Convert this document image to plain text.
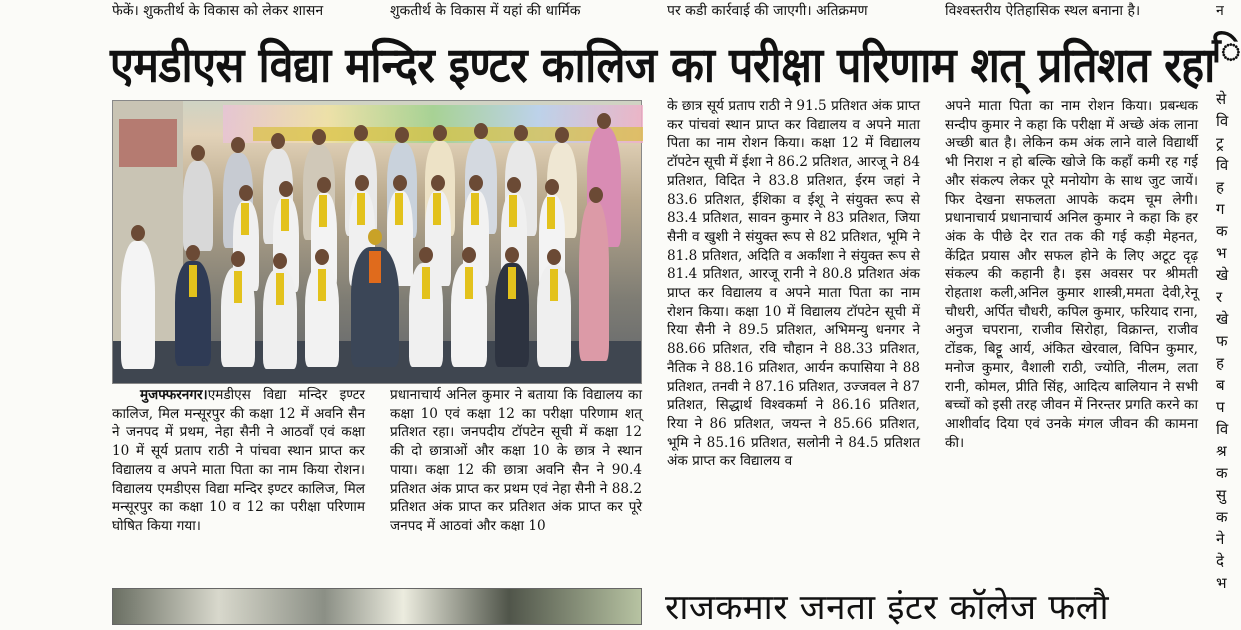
फेकें। शुकतीर्थ के विकास को लेकर शासन	शुकतीर्थ के विकास में यहां की धार्मिक	पर कडी कार्रवाई की जाएगी। अतिक्रमण	विश्वस्तरीय ऐतिहासिक स्थल बनाना है।	न
एमडीएस विद्या मन्दिर इण्टर कालिज का परीक्षा परिणाम शत् प्रतिशत रहा
मुजफ्फरनगर।एमडीएस विद्या मन्दिर इण्टर कालिज, मिल मन्सूरपुर की कक्षा 12 में अवनि सैन ने जनपद में प्रथम, नेहा सैनी ने आठवाँ एवं कक्षा 10 में सूर्य प्रताप राठी ने पांचवा स्थान प्राप्त कर विद्यालय व अपने माता पिता का नाम किया रोशन। विद्यालय एमडीएस विद्या मन्दिर इण्टर कालिज, मिल मन्सूरपुर का कक्षा 10 व 12 का परीक्षा परिणाम घोषित किया गया।
प्रधानाचार्य अनिल कुमार ने बताया कि विद्यालय का कक्षा 10 एवं कक्षा 12 का परीक्षा परिणाम शत् प्रतिशत रहा। जनपदीय टॉपटेन सूची में कक्षा 12 की दो छात्राओं और कक्षा 10 के छात्र ने स्थान पाया। कक्षा 12 की छात्रा अवनि सैन ने 90.4 प्रतिशत अंक प्राप्त कर प्रथम एवं नेहा सैनी ने 88.2 प्रतिशत अंक प्राप्त कर प्रतिशत अंक प्राप्त कर पूरे जनपद में आठवां और कक्षा 10
के छात्र सूर्य प्रताप राठी ने 91.5 प्रतिशत अंक प्राप्त कर पांचवां स्थान प्राप्त कर विद्यालय व अपने माता पिता का नाम रोशन किया। कक्षा 12 में विद्यालय टॉपटेन सूची में ईशा ने 86.2 प्रतिशत, आरजू ने 84 प्रतिशत, विदित ने 83.8 प्रतिशत, ईरम जहां ने 83.6 प्रतिशत, ईशिका व ईशू ने संयुक्त रूप से 83.4 प्रतिशत, सावन कुमार ने 83 प्रतिशत, जिया सैनी व खुशी ने संयुक्त रूप से 82 प्रतिशत, भूमि ने 81.8 प्रतिशत, अदिति व अर्कांशा ने संयुक्त रूप से 81.4 प्रतिशत, आरजू रानी ने 80.8 प्रतिशत अंक प्राप्त कर विद्यालय व अपने माता पिता का नाम रोशन किया। कक्षा 10 में विद्यालय टॉपटेन सूची में रिया सैनी ने 89.5 प्रतिशत, अभिमन्यु धनगर ने 88.66 प्रतिशत, रवि चौहान ने 88.33 प्रतिशत, नैतिक ने 88.16 प्रतिशत, आर्यन कपासिया ने 88 प्रतिशत, तनवी ने 87.16 प्रतिशत, उज्जवल ने 87 प्रतिशत, सिद्धार्थ विश्वकर्मा ने 86.16 प्रतिशत, रिया ने 86 प्रतिशत, जयन्त ने 85.66 प्रतिशत, भूमि ने 85.16 प्रतिशत, सलोनी ने 84.5 प्रतिशत अंक प्राप्त कर विद्यालय व
अपने माता पिता का नाम रोशन किया। प्रबन्धक सन्दीप कुमार ने कहा कि परीक्षा में अच्छे अंक लाना अच्छी बात है। लेकिन कम अंक लाने वाले विद्यार्थी भी निराश न हो बल्कि खोजे कि कहाँ कमी रह गई और संकल्प लेकर पूरे मनोयोग के साथ जुट जायें। फिर देखना सफलता आपके कदम चूम लेगी। प्रधानाचार्य प्रधानाचार्य अनिल कुमार ने कहा कि हर अंक के पीछे देर रात तक की गई कड़ी मेहनत, केंद्रित प्रयास और सफल होने के लिए अटूट दृढ़ संकल्प की कहानी है। इस अवसर पर श्रीमती रोहताश कली,अनिल कुमार शास्त्री,ममता देवी,रेनू चौधरी, अर्पित चौधरी, कपिल कुमार, फरियाद राना, अनुज चपराना, राजीव सिरोहा, विक्रान्त, राजीव टोंडक, बिट्टू आर्य, अंकित खेरवाल, विपिन कुमार, मनोज कुमार, वैशाली राठी, ज्योति, नीलम, लता रानी, कोमल, प्रीति सिंह, आदित्य बालियान ने सभी बच्चों को इसी तरह जीवन में निरन्तर प्रगति करने का आशीर्वाद दिया एवं उनके मंगल जीवन की कामना की।
राजकमार जनता इंटर कॉलेज फलौ
ि
से वि ट्र वि ह ग क भ खे र खे फ ह ब प वि श्र क सु क ने दे भ
